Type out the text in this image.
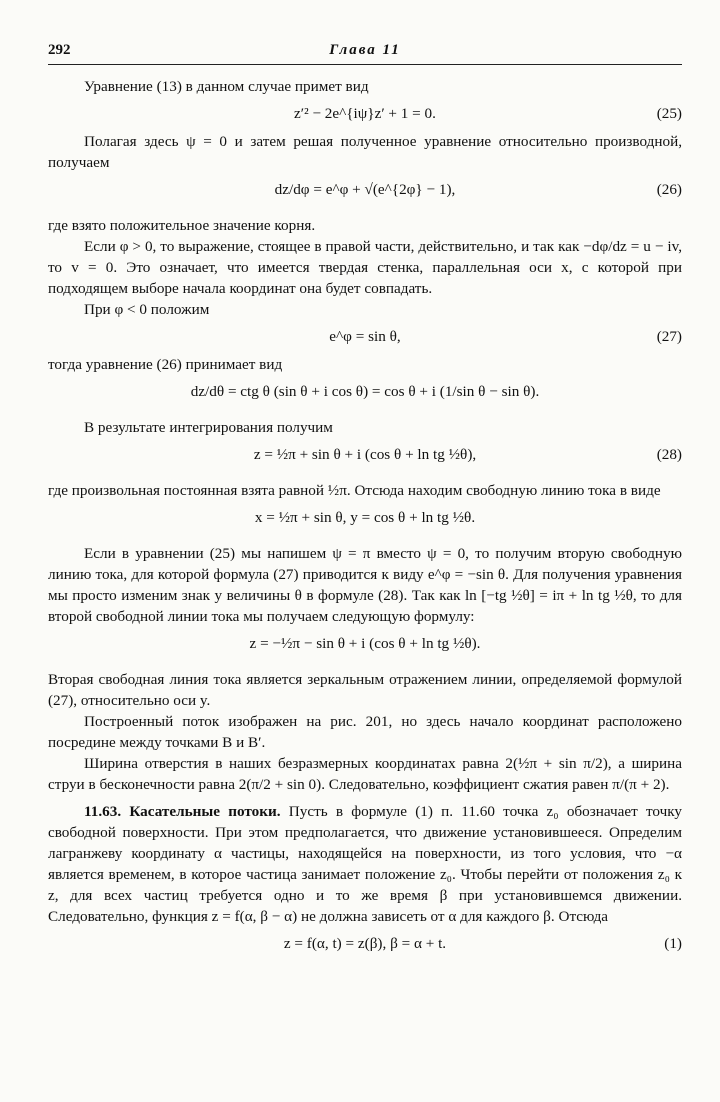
292	Глава 11

Уравнение (13) в данном случае примет вид

z′² − 2e^{iψ}z′ + 1 = 0.	(25)

Полагая здесь ψ = 0 и затем решая полученное уравнение относительно производной, получаем

dz/dφ = e^φ + √(e^{2φ} − 1),	(26)

где взято положительное значение корня.

Если φ > 0, то выражение, стоящее в правой части, действительно, и так как −dφ/dz = u − iv, то v = 0. Это означает, что имеется твердая стенка, параллельная оси x, с которой при подходящем выборе начала координат она будет совпадать.

При φ < 0 положим

e^φ = sin θ,	(27)

тогда уравнение (26) принимает вид

dz/dθ = ctg θ (sin θ + i cos θ) = cos θ + i (1/sin θ − sin θ).

В результате интегрирования получим

z = ½π + sin θ + i (cos θ + ln tg ½θ),	(28)

где произвольная постоянная взята равной ½π. Отсюда находим свободную линию тока в виде

x = ½π + sin θ, y = cos θ + ln tg ½θ.

Если в уравнении (25) мы напишем ψ = π вместо ψ = 0, то получим вторую свободную линию тока, для которой формула (27) приводится к виду e^φ = −sin θ. Для получения уравнения мы просто изменим знак у величины θ в формуле (28). Так как ln [−tg ½θ] = iπ + ln tg ½θ, то для второй свободной линии тока мы получаем следующую формулу:

z = −½π − sin θ + i (cos θ + ln tg ½θ).

Вторая свободная линия тока является зеркальным отражением линии, определяемой формулой (27), относительно оси y.

Построенный поток изображен на рис. 201, но здесь начало координат расположено посредине между точками B и B′.

Ширина отверстия в наших безразмерных координатах равна 2(½π + sin π/2), а ширина струи в бесконечности равна 2(π/2 + sin 0). Следовательно, коэффициент сжатия равен π/(π + 2).

11.63. Касательные потоки. Пусть в формуле (1) п. 11.60 точка z₀ обозначает точку свободной поверхности. При этом предполагается, что движение установившееся. Определим лагранжеву координату α частицы, находящейся на поверхности, из того условия, что −α является временем, в которое частица занимает положение z₀. Чтобы перейти от положения z₀ к z, для всех частиц требуется одно и то же время β при установившемся движении. Следовательно, функция z = f(α, β − α) не должна зависеть от α для каждого β. Отсюда

z = f(α, t) = z(β), β = α + t.	(1)
